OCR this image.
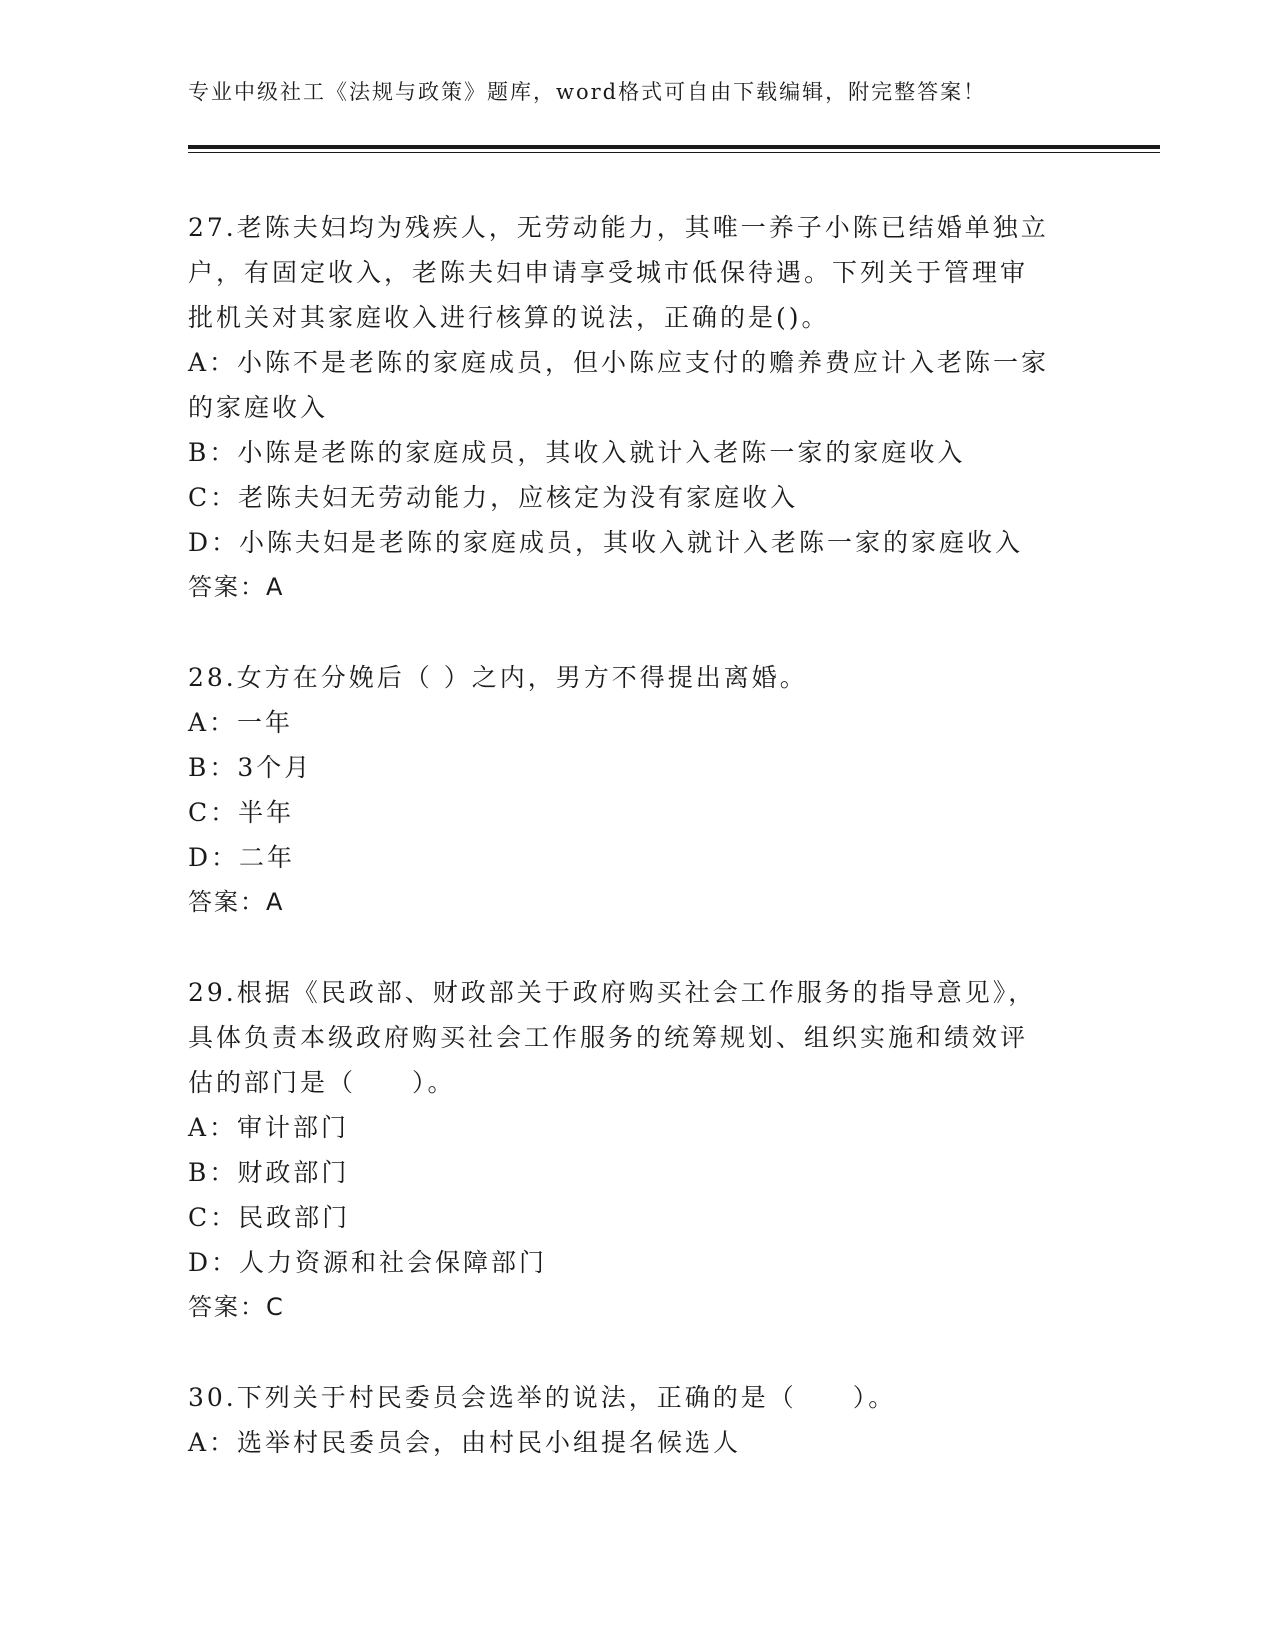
专业中级社工《法规与政策》题库，word格式可自由下载编辑，附完整答案！
27.老陈夫妇均为残疾人，无劳动能力，其唯一养子小陈已结婚单独立
户，有固定收入，老陈夫妇申请享受城市低保待遇。下列关于管理审
批机关对其家庭收入进行核算的说法，正确的是()。
A：小陈不是老陈的家庭成员，但小陈应支付的赡养费应计入老陈一家
的家庭收入
B：小陈是老陈的家庭成员，其收入就计入老陈一家的家庭收入
C：老陈夫妇无劳动能力，应核定为没有家庭收入
D：小陈夫妇是老陈的家庭成员，其收入就计入老陈一家的家庭收入
答案：A
28.女方在分娩后（ ）之内，男方不得提出离婚。
A：一年
B：3个月
C：半年
D：二年
答案：A
29.根据《民政部、财政部关于政府购买社会工作服务的指导意见》，
具体负责本级政府购买社会工作服务的统筹规划、组织实施和绩效评
估的部门是（　　）。
A：审计部门
B：财政部门
C：民政部门
D：人力资源和社会保障部门
答案：C
30.下列关于村民委员会选举的说法，正确的是（　　）。
A：选举村民委员会，由村民小组提名候选人
